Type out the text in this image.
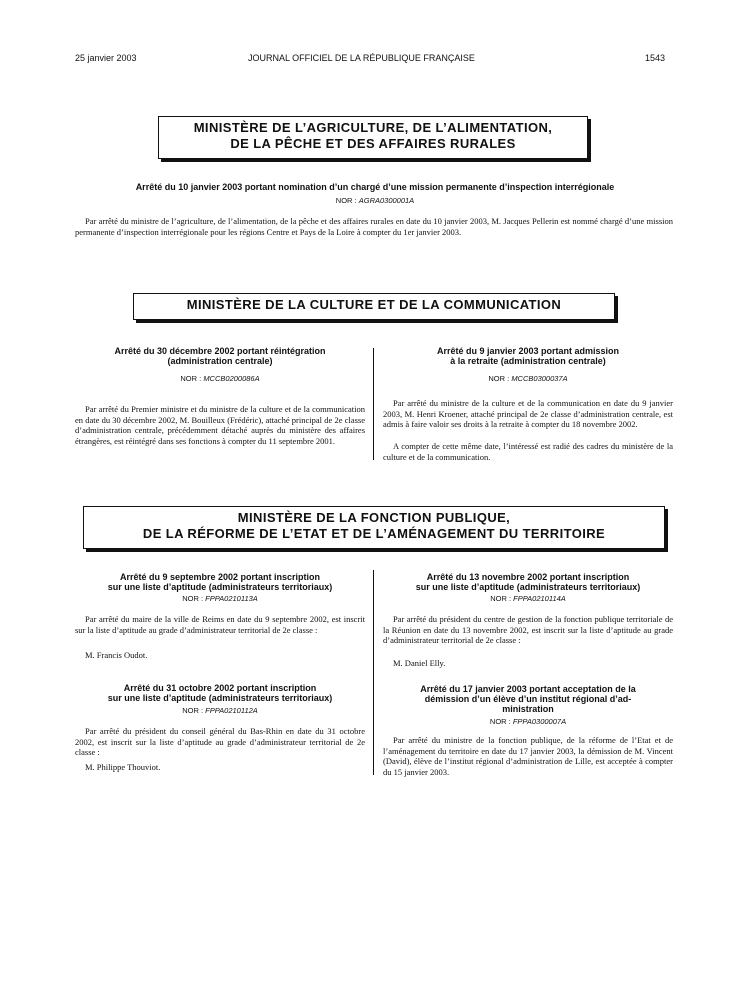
25 janvier 2003	JOURNAL OFFICIEL DE LA RÉPUBLIQUE FRANÇAISE	1543
MINISTÈRE DE L’AGRICULTURE, DE L’ALIMENTATION,
DE LA PÊCHE ET DES AFFAIRES RURALES
Arrêté du 10 janvier 2003 portant nomination d’un chargé d’une mission permanente d’inspection interrégionale
NOR : AGRA0300001A

Par arrêté du ministre de l’agriculture, de l’alimentation, de la pêche et des affaires rurales en date du 10 janvier 2003, M. Jacques Pellerin est nommé chargé d’une mission permanente d’inspection interrégionale pour les régions Centre et Pays de la Loire à compter du 1er janvier 2003.

MINISTÈRE DE LA CULTURE ET DE LA COMMUNICATION
Arrêté du 30 décembre 2002 portant réintégration
(administration centrale)
NOR : MCCB0200086A

Par arrêté du Premier ministre et du ministre de la culture et de la communication en date du 30 décembre 2002, M. Bouilleux (Frédéric), attaché principal de 2e classe d’administration centrale, précédemment détaché auprès du ministère des affaires étrangères, est réintégré dans ses fonctions à compter du 11 septembre 2001.

Arrêté du 9 janvier 2003 portant admission
à la retraite (administration centrale)
NOR : MCCB0300037A

Par arrêté du ministre de la culture et de la communication en date du 9 janvier 2003, M. Henri Kroener, attaché principal de 2e classe d’administration centrale, est admis à faire valoir ses droits à la retraite à compter du 18 novembre 2002.

A compter de cette même date, l’intéressé est radié des cadres du ministère de la culture et de la communication.

MINISTÈRE DE LA FONCTION PUBLIQUE,
DE LA RÉFORME DE L’ETAT ET DE L’AMÉNAGEMENT DU TERRITOIRE
Arrêté du 9 septembre 2002 portant inscription
sur une liste d’aptitude (administrateurs territoriaux)
NOR : FPPA0210113A

Par arrêté du maire de la ville de Reims en date du 9 septembre 2002, est inscrit sur la liste d’aptitude au grade d’administrateur territorial de 2e classe :

M. Francis Oudot.
Arrêté du 31 octobre 2002 portant inscription
sur une liste d’aptitude (administrateurs territoriaux)
NOR : FPPA0210112A

Par arrêté du président du conseil général du Bas-Rhin en date du 31 octobre 2002, est inscrit sur la liste d’aptitude au grade d’administrateur territorial de 2e classe :

M. Philippe Thouviot.
Arrêté du 13 novembre 2002 portant inscription
sur une liste d’aptitude (administrateurs territoriaux)
NOR : FPPA0210114A

Par arrêté du président du centre de gestion de la fonction publique territoriale de la Réunion en date du 13 novembre 2002, est inscrit sur la liste d’aptitude au grade d’administrateur territorial de 2e classe :

M. Daniel Elly.
Arrêté du 17 janvier 2003 portant acceptation de la
démission d’un élève d’un institut régional d’ad-
ministration
NOR : FPPA0300007A

Par arrêté du ministre de la fonction publique, de la réforme de l’Etat et de l’aménagement du territoire en date du 17 janvier 2003, la démission de M. Vincent (David), élève de l’institut régional d’administration de Lille, est acceptée à compter du 15 janvier 2003.
